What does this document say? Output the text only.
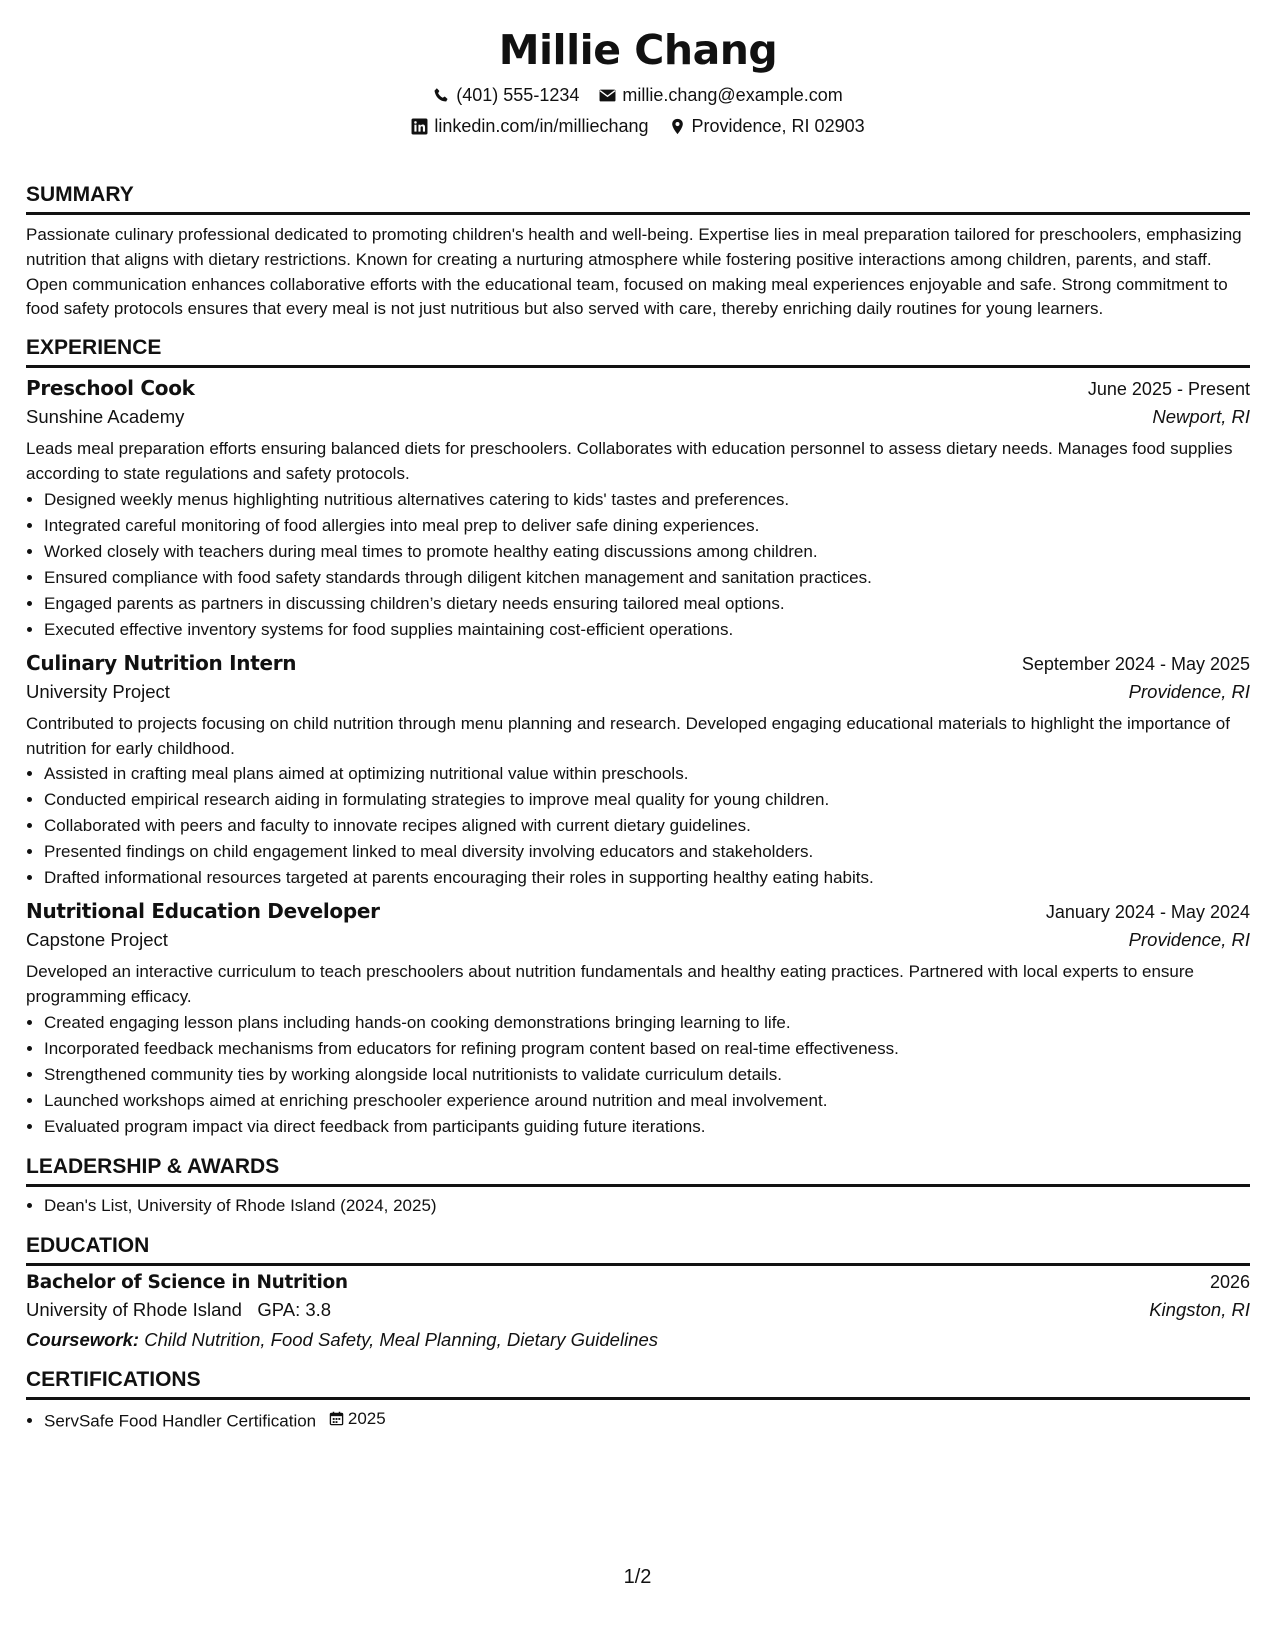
Millie Chang
(401) 555-1234 millie.chang@example.com
linkedin.com/in/milliechang Providence, RI 02903
SUMMARY

Passionate culinary professional dedicated to promoting children's health and well-being. Expertise lies in meal preparation tailored for preschoolers, emphasizing nutrition that aligns with dietary restrictions. Known for creating a nurturing atmosphere while fostering positive interactions among children, parents, and staff. Open communication enhances collaborative efforts with the educational team, focused on making meal experiences enjoyable and safe. Strong commitment to food safety protocols ensures that every meal is not just nutritious but also served with care, thereby enriching daily routines for young learners.

EXPERIENCE
Preschool Cook	June 2025 - Present
Sunshine Academy	Newport, RI

Leads meal preparation efforts ensuring balanced diets for preschoolers. Collaborates with education personnel to assess dietary needs. Manages food supplies according to state regulations and safety protocols.

• Designed weekly menus highlighting nutritious alternatives catering to kids' tastes and preferences.
• Integrated careful monitoring of food allergies into meal prep to deliver safe dining experiences.
• Worked closely with teachers during meal times to promote healthy eating discussions among children.
• Ensured compliance with food safety standards through diligent kitchen management and sanitation practices.
• Engaged parents as partners in discussing children’s dietary needs ensuring tailored meal options.
• Executed effective inventory systems for food supplies maintaining cost-efficient operations.
Culinary Nutrition Intern	September 2024 - May 2025
University Project	Providence, RI

Contributed to projects focusing on child nutrition through menu planning and research. Developed engaging educational materials to highlight the importance of nutrition for early childhood.

• Assisted in crafting meal plans aimed at optimizing nutritional value within preschools.
• Conducted empirical research aiding in formulating strategies to improve meal quality for young children.
• Collaborated with peers and faculty to innovate recipes aligned with current dietary guidelines.
• Presented findings on child engagement linked to meal diversity involving educators and stakeholders.
• Drafted informational resources targeted at parents encouraging their roles in supporting healthy eating habits.
Nutritional Education Developer	January 2024 - May 2024
Capstone Project	Providence, RI

Developed an interactive curriculum to teach preschoolers about nutrition fundamentals and healthy eating practices. Partnered with local experts to ensure programming efficacy.

• Created engaging lesson plans including hands-on cooking demonstrations bringing learning to life.
• Incorporated feedback mechanisms from educators for refining program content based on real-time effectiveness.
• Strengthened community ties by working alongside local nutritionists to validate curriculum details.
• Launched workshops aimed at enriching preschooler experience around nutrition and meal involvement.
• Evaluated program impact via direct feedback from participants guiding future iterations.
LEADERSHIP & AWARDS
• Dean's List, University of Rhode Island (2024, 2025)
EDUCATION
Bachelor of Science in Nutrition	2026
University of Rhode Island GPA: 3.8	Kingston, RI
Coursework: Child Nutrition, Food Safety, Meal Planning, Dietary Guidelines
CERTIFICATIONS
• ServSafe Food Handler Certification 2025
1/2
